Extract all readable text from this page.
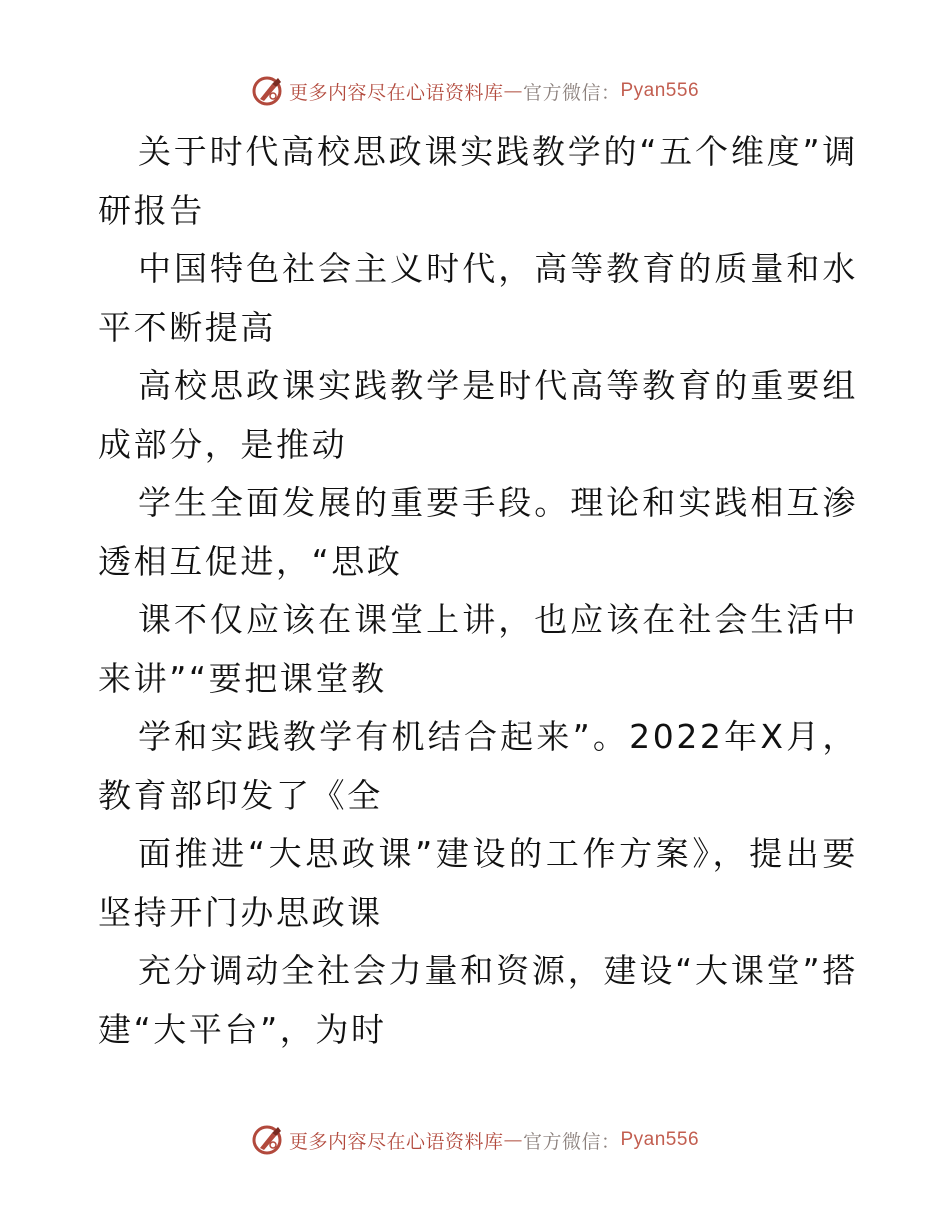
更多内容尽在心语资料库 — 官方微信： Pyan556

关于时代高校思政课实践教学的“五个维度”调研报告

中国特色社会主义时代，高等教育的质量和水平不断提高

高校思政课实践教学是时代高等教育的重要组成部分，是推动

学生全面发展的重要手段。理论和实践相互渗透相互促进，“思政

课不仅应该在课堂上讲，也应该在社会生活中来讲”“要把课堂教

学和实践教学有机结合起来”。2022年X月，教育部印发了《全

面推进“大思政课”建设的工作方案》，提出要坚持开门办思政课

充分调动全社会力量和资源，建设“大课堂”搭建“大平台”，为时

更多内容尽在心语资料库 — 官方微信： Pyan556
